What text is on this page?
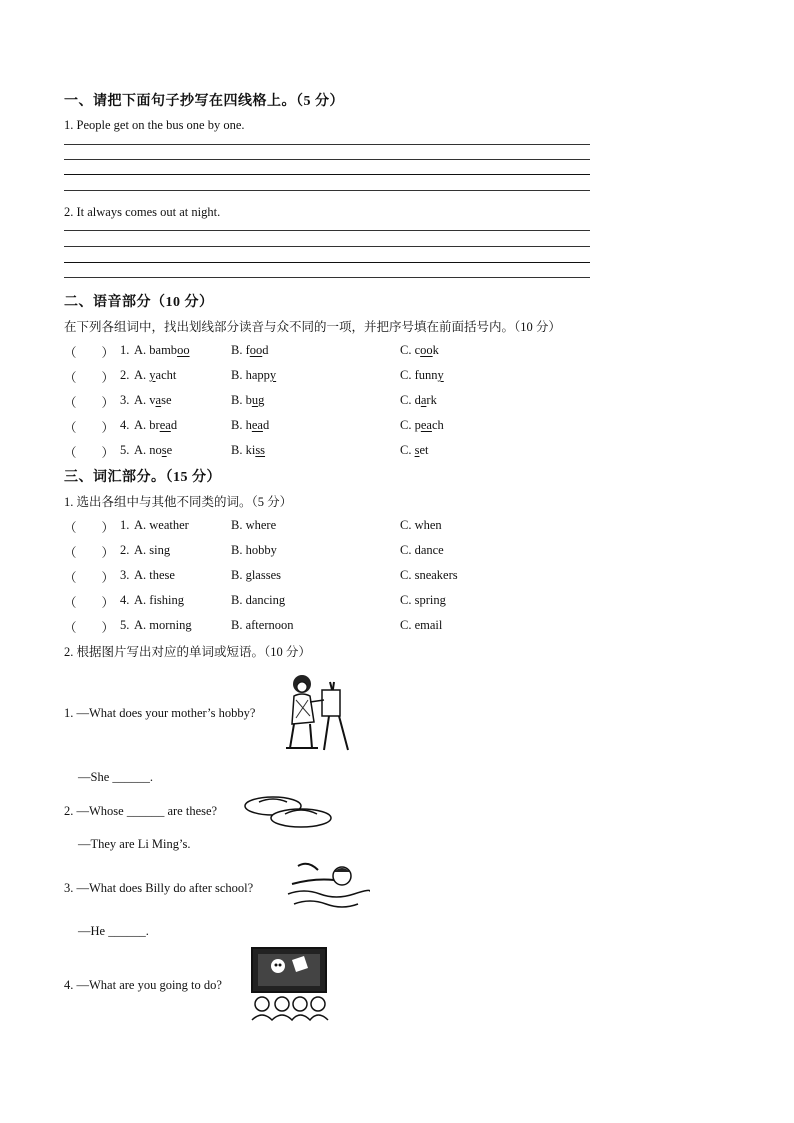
一、请把下面句子抄写在四线格上。（5 分）
1. People get on the bus one by one.
2. It always comes out at night.
二、语音部分（10 分）
在下列各组词中，找出划线部分读音与众不同的一项，并把序号填在前面括号内。（10 分）
（　　） 1. A. bamboo	B. food	C. cook
（　　） 2. A. yacht	B. happy	C. funny
（　　） 3. A. vase	B. bug	C. dark
（　　） 4. A. bread	B. head	C. peach
（　　） 5. A. nose	B. kiss	C. set
三、词汇部分。（15 分）
1. 选出各组中与其他不同类的词。（5 分）
（　　） 1. A. weather	B. where	C. when
（　　） 2. A. sing	B. hobby	C. dance
（　　） 3. A. these	B. glasses	C. sneakers
（　　） 4. A. fishing	B. dancing	C. spring
（　　） 5. A. morning	B. afternoon	C. email
2. 根据图片写出对应的单词或短语。（10 分）
1. —What does your mother’s hobby?
—She ______.
2. —Whose ______ are these?
—They are Li Ming’s.
3. —What does Billy do after school?
—He ______.
4. —What are you going to do?
